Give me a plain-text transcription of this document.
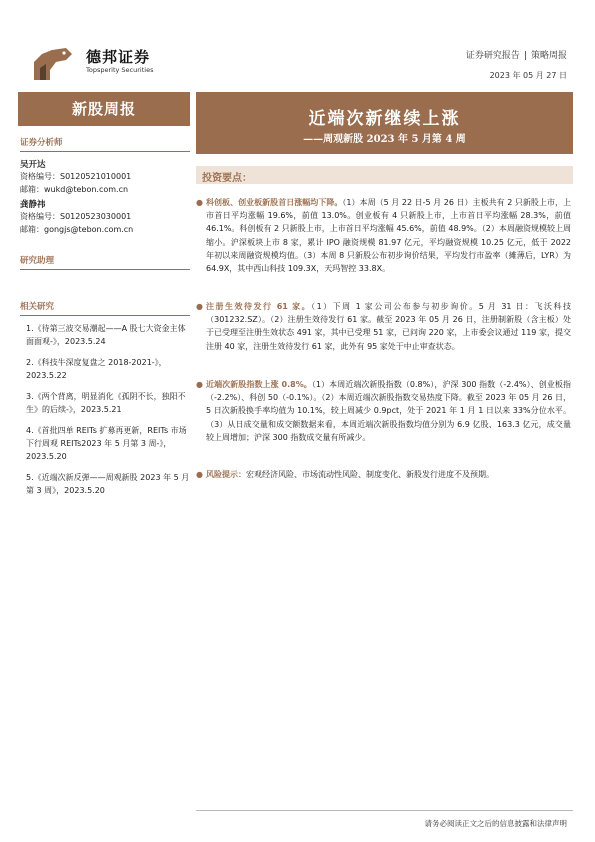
德邦证券
Topsperity Securities
证券研究报告 | 策略周报
2023 年 05 月 27 日
新股周报	近端次新继续上涨
——周观新股 2023 年 5 月第 4 周
证券分析师
吴开达
资格编号：S0120521010001
邮箱：wukd@tebon.com.cn
龚静祎
资格编号：S0120523030001
邮箱：gongjs@tebon.com.cn
研究助理
相关研究
1.《待第三波交易潮起——A 股七大资金主体面面观-》，2023.5.24
2.《科技牛深度复盘之 2018-2021-》，2023.5.22
3.《两个背离，明显消化《孤阴不长，独阳不生》的后续-》，2023.5.21
4.《首批四单 REITs 扩募再更新，REITs 市场下行周观 REITs2023 年 5 月第 3 周-》，2023.5.20
5.《近端次新反弹——周观新股 2023 年 5 月第 3 周》，2023.5.20
投资要点：
● 科创板、创业板新股首日涨幅均下降。（1）本周（5 月 22 日-5 月 26 日）主板共有 2 只新股上市，上市首日平均涨幅 19.6%，前值 13.0%。创业板有 4 只新股上市，上市首日平均涨幅 28.3%，前值 46.1%。科创板有 2 只新股上市，上市首日平均涨幅 45.6%，前值 48.9%。（2）本周融资规模较上周缩小。沪深板块上市 8 家，累计 IPO 融资规模 81.97 亿元，平均融资规模 10.25 亿元，低于 2022 年初以来周融资规模均值。（3）本周 8 只新股公布初步询价结果，平均发行市盈率（摊薄后，LYR）为 64.9X，其中西山科技 109.3X，天玛智控 33.8X。
● 注册生效待发行 61 家。（1）下周 1 家公司公布参与初步询价。5 月 31 日：飞沃科技（301232.SZ）。（2）注册生效待发行 61 家。截至 2023 年 05 月 26 日，注册制新股（含主板）处于已受理至注册生效状态 491 家，其中已受理 51 家，已问询 220 家，上市委会议通过 119 家，提交注册 40 家，注册生效待发行 61 家，此外有 95 家处于中止审查状态。
● 近端次新股指数上涨 0.8%。（1）本周近端次新股指数（0.8%），沪深 300 指数（-2.4%）、创业板指（-2.2%）、科创 50（-0.1%）。（2）本周近端次新股指数交易热度下降。截至 2023 年 05 月 26 日，5 日次新股换手率均值为 10.1%，较上周减少 0.9pct，处于 2021 年 1 月 1 日以来 33%分位水平。（3）从日成交量和成交额数据来看，本周近端次新股指数均值分别为 6.9 亿股、163.3 亿元，成交量较上周增加；沪深 300 指数成交量有所减少。
● 风险提示：宏观经济风险、市场流动性风险、制度变化、新股发行进度不及预期。
请务必阅读正文之后的信息披露和法律声明
